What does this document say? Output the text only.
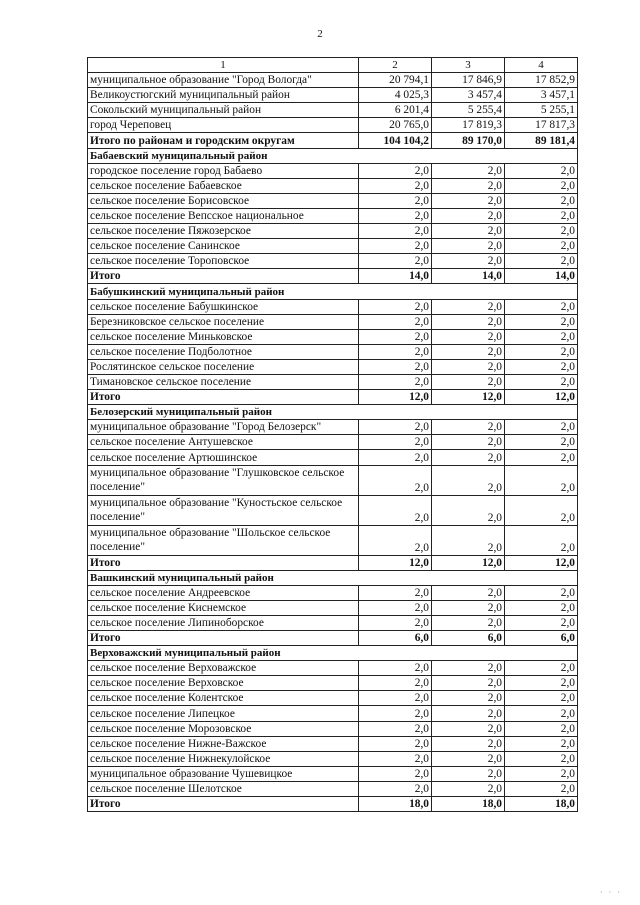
2
1	2	3	4
муниципальное образование "Город Вологда"	20 794,1	17 846,9	17 852,9
Великоустюгский муниципальный район	4 025,3	3 457,4	3 457,1
Сокольский муниципальный район	6 201,4	5 255,4	5 255,1
город Череповец	20 765,0	17 819,3	17 817,3
Итого по районам и городским округам	104 104,2	89 170,0	89 181,4
Бабаевский муниципальный район			
городское поселение город Бабаево	2,0	2,0	2,0
сельское поселение Бабаевское	2,0	2,0	2,0
сельское поселение Борисовское	2,0	2,0	2,0
сельское поселение Вепсское национальное	2,0	2,0	2,0
сельское поселение Пяжозерское	2,0	2,0	2,0
сельское поселение Санинское	2,0	2,0	2,0
сельское поселение Тороповское	2,0	2,0	2,0
Итого	14,0	14,0	14,0
Бабушкинский муниципальный район			
сельское поселение Бабушкинское	2,0	2,0	2,0
Березниковское сельское поселение	2,0	2,0	2,0
сельское поселение Миньковское	2,0	2,0	2,0
сельское поселение Подболотное	2,0	2,0	2,0
Рослятинское сельское поселение	2,0	2,0	2,0
Тимановское сельское поселение	2,0	2,0	2,0
Итого	12,0	12,0	12,0
Белозерский муниципальный район			
муниципальное образование "Город Белозерск"	2,0	2,0	2,0
сельское поселение Антушевское	2,0	2,0	2,0
сельское поселение Артюшинское	2,0	2,0	2,0
муниципальное образование "Глушковское сельское поселение"	2,0	2,0	2,0
муниципальное образование "Куностьское сельское поселение"	2,0	2,0	2,0
муниципальное образование "Шольское сельское поселение"	2,0	2,0	2,0
Итого	12,0	12,0	12,0
Вашкинский муниципальный район			
сельское поселение Андреевское	2,0	2,0	2,0
сельское поселение Киснемское	2,0	2,0	2,0
сельское поселение Липиноборское	2,0	2,0	2,0
Итого	6,0	6,0	6,0
Верховажский муниципальный район			
сельское поселение Верховажское	2,0	2,0	2,0
сельское поселение Верховское	2,0	2,0	2,0
сельское поселение Колентское	2,0	2,0	2,0
сельское поселение Липецкое	2,0	2,0	2,0
сельское поселение Морозовское	2,0	2,0	2,0
сельское поселение Нижне-Важское	2,0	2,0	2,0
сельское поселение Нижнекулойское	2,0	2,0	2,0
муниципальное образование Чушевицкое	2,0	2,0	2,0
сельское поселение Шелотское	2,0	2,0	2,0
Итого	18,0	18,0	18,0
· · ·
